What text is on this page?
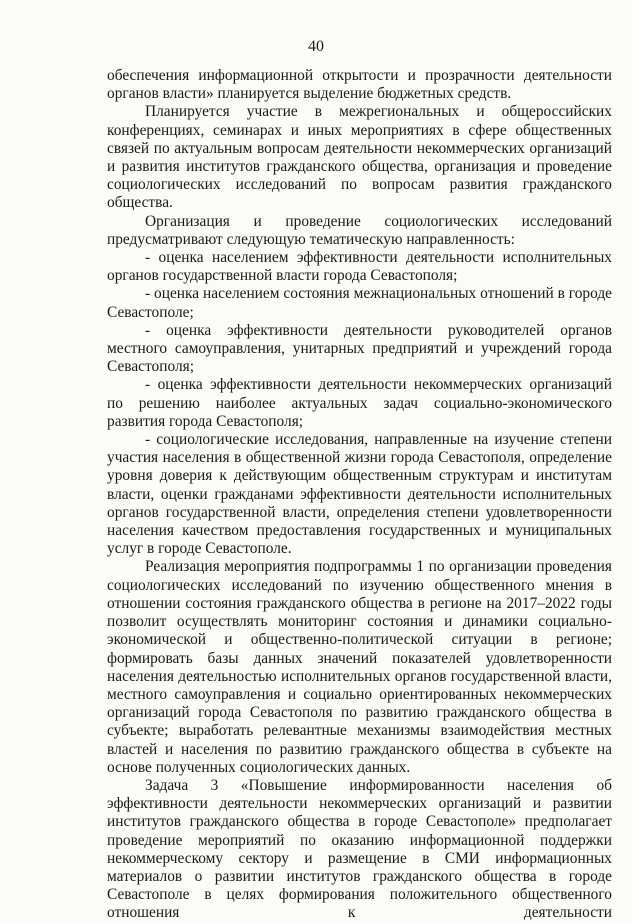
40

обеспечения информационной открытости и прозрачности деятельности органов власти» планируется выделение бюджетных средств.

Планируется участие в межрегиональных и общероссийских конференциях, семинарах и иных мероприятиях в сфере общественных связей по актуальным вопросам деятельности некоммерческих организаций и развития институтов гражданского общества, организация и проведение социологических исследований по вопросам развития гражданского общества.

Организация и проведение социологических исследований предусматривают следующую тематическую направленность:

- оценка населением эффективности деятельности исполнительных органов государственной власти города Севастополя;

- оценка населением состояния межнациональных отношений в городе Севастополе;

- оценка эффективности деятельности руководителей органов местного самоуправления, унитарных предприятий и учреждений города Севастополя;

- оценка эффективности деятельности некоммерческих организаций по решению наиболее актуальных задач социально-экономического развития города Севастополя;

- социологические исследования, направленные на изучение степени участия населения в общественной жизни города Севастополя, определение уровня доверия к действующим общественным структурам и институтам власти, оценки гражданами эффективности деятельности исполнительных органов государственной власти, определения степени удовлетворенности населения качеством предоставления государственных и муниципальных услуг в городе Севастополе.

Реализация мероприятия подпрограммы 1 по организации проведения социологических исследований по изучению общественного мнения в отношении состояния гражданского общества в регионе на 2017–2022 годы позволит осуществлять мониторинг состояния и динамики социально-экономической и общественно-политической ситуации в регионе; формировать базы данных значений показателей удовлетворенности населения деятельностью исполнительных органов государственной власти, местного самоуправления и социально ориентированных некоммерческих организаций города Севастополя по развитию гражданского общества в субъекте; выработать релевантные механизмы взаимодействия местных властей и населения по развитию гражданского общества в субъекте на основе полученных социологических данных.

Задача 3 «Повышение информированности населения об эффективности деятельности некоммерческих организаций и развитии институтов гражданского общества в городе Севастополе» предполагает проведение мероприятий по оказанию информационной поддержки некоммерческому сектору и размещение в СМИ информационных материалов о развитии институтов гражданского общества в городе Севастополе в целях формирования положительного общественного отношения к деятельности
